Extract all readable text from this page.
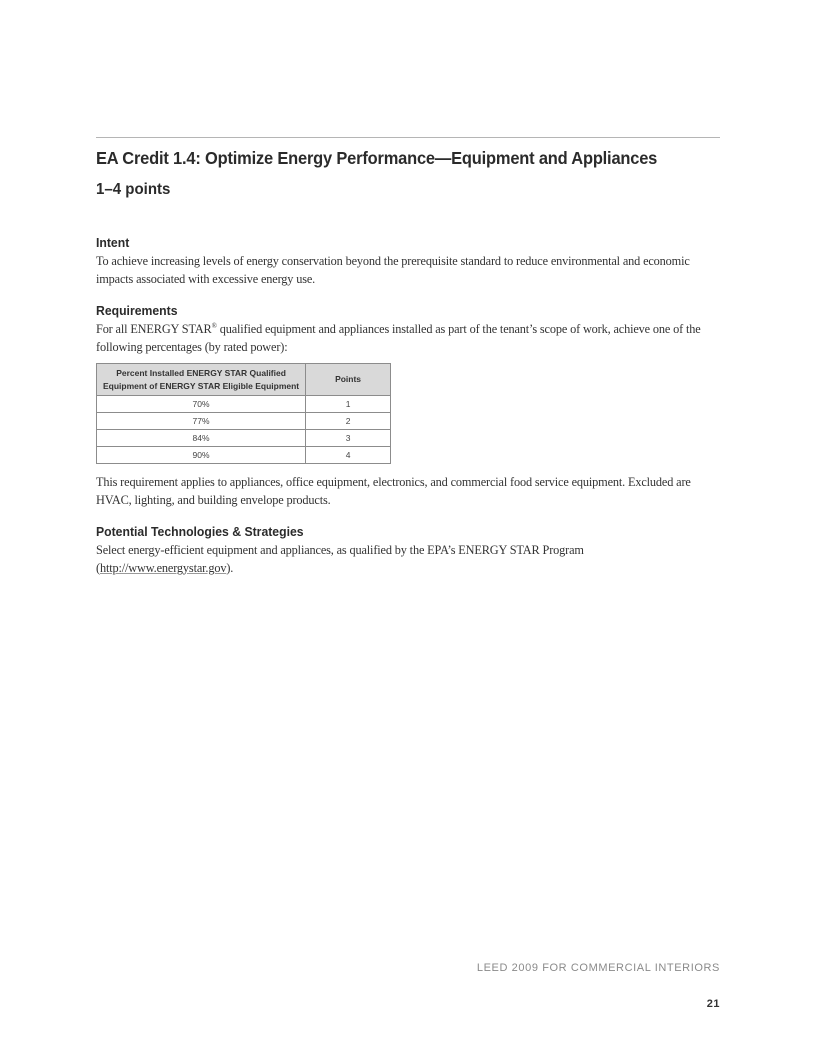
EA Credit 1.4: Optimize Energy Performance—Equipment and Appliances
1–4 points
Intent

To achieve increasing levels of energy conservation beyond the prerequisite standard to reduce environmental and economic impacts associated with excessive energy use.

Requirements

For all ENERGY STAR® qualified equipment and appliances installed as part of the tenant’s scope of work, achieve one of the following percentages (by rated power):

Percent Installed ENERGY STAR Qualified Equipment of ENERGY STAR Eligible Equipment	Points
70%	1
77%	2
84%	3
90%	4

This requirement applies to appliances, office equipment, electronics, and commercial food service equipment. Excluded are HVAC, lighting, and building envelope products.

Potential Technologies & Strategies

Select energy-efficient equipment and appliances, as qualified by the EPA’s ENERGY STAR Program (http://www.energystar.gov).

LEED 2009 FOR COMMERCIAL INTERIORS

21
